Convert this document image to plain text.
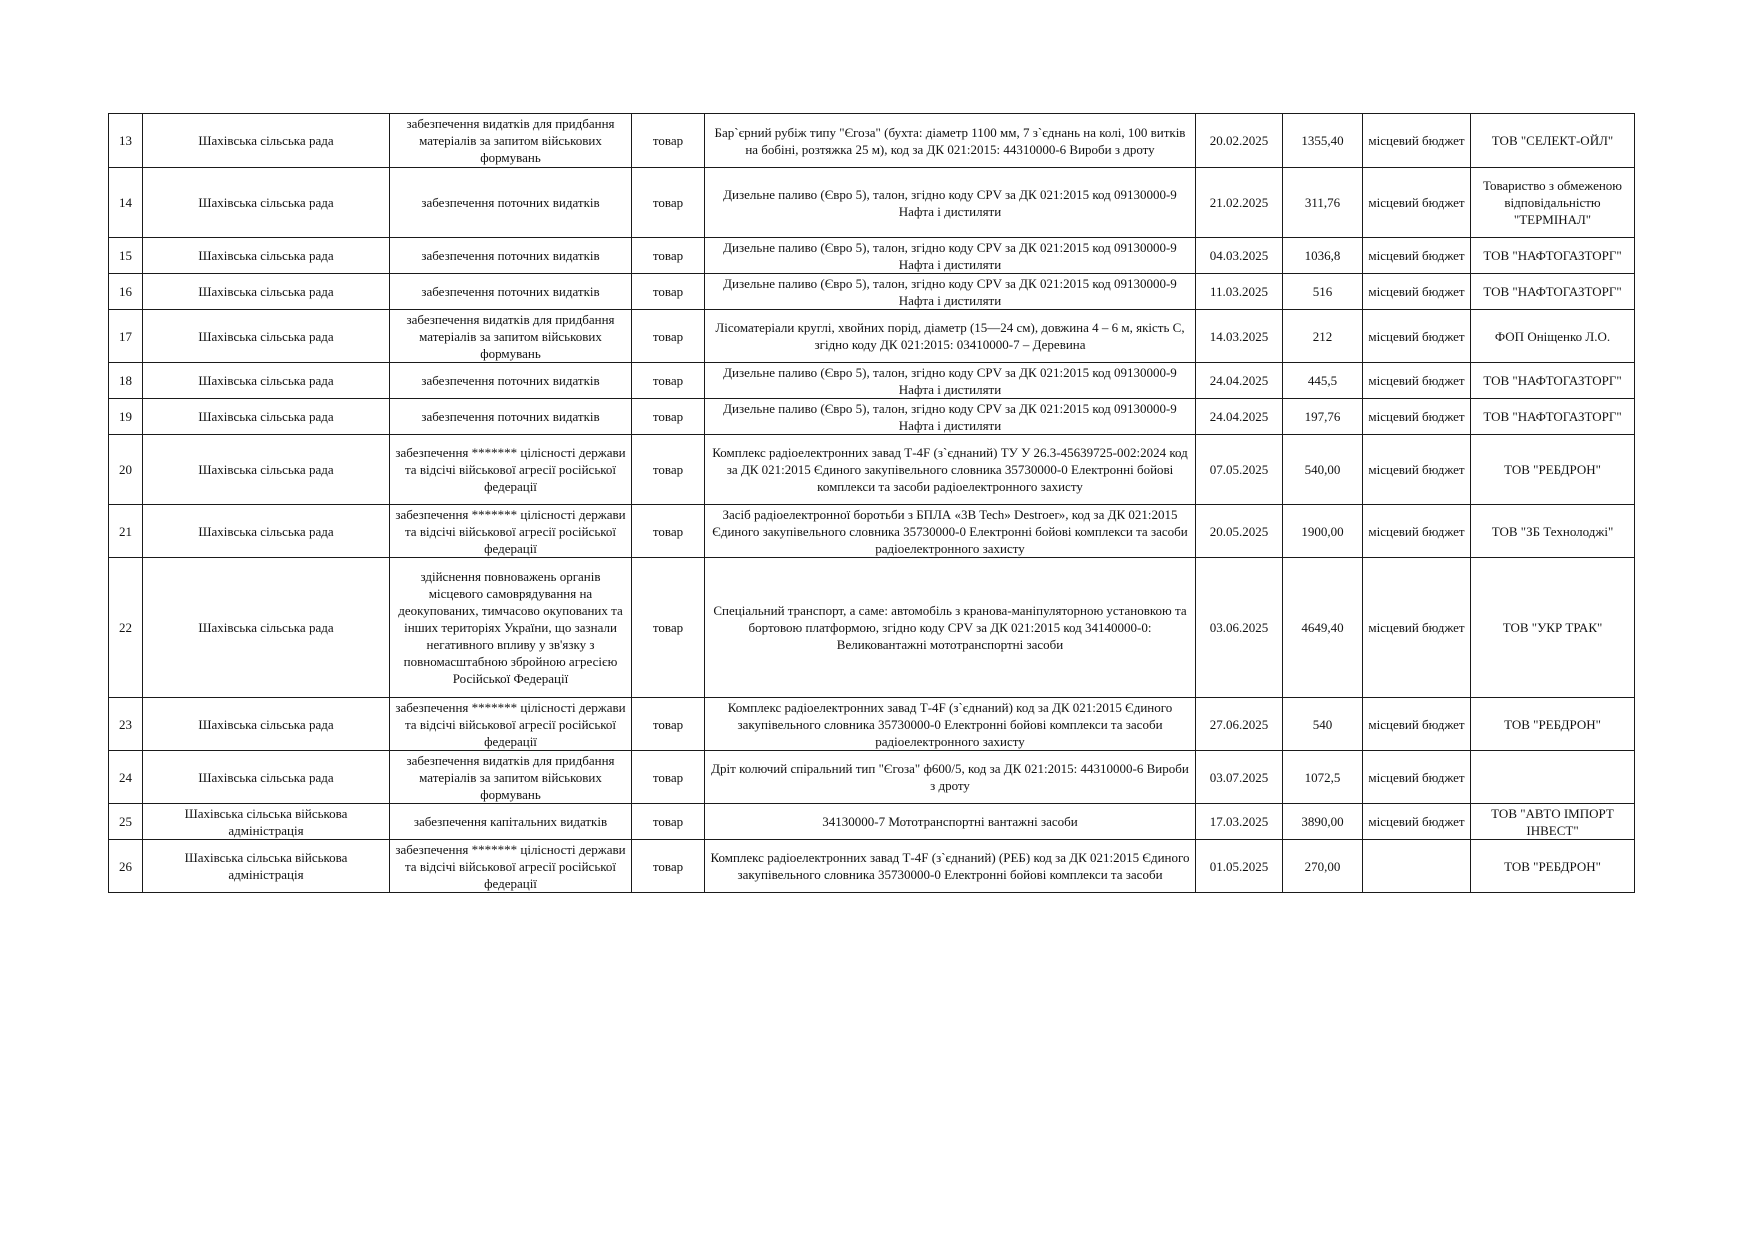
13	Шахівська сільська рада	забезпечення видатків для придбання матеріалів за запитом військових формувань	товар	Бар`єрний рубіж типу "Єгоза" (бухта: діаметр 1100 мм, 7 з`єднань на колі, 100 витків на бобіні, розтяжка 25 м), код за ДК 021:2015: 44310000-6 Вироби з дроту	20.02.2025	1355,40	місцевий бюджет	ТОВ "СЕЛЕКТ-ОЙЛ"
14	Шахівська сільська рада	забезпечення поточних видатків	товар	Дизельне паливо (Євро 5), талон, згідно коду CPV за ДК 021:2015 код 09130000-9 Нафта і дистиляти	21.02.2025	311,76	місцевий бюджет	Товариство з обмеженою відповідальністю "ТЕРМІНАЛ"
15	Шахівська сільська рада	забезпечення поточних видатків	товар	Дизельне паливо (Євро 5), талон, згідно коду CPV за ДК 021:2015 код 09130000-9 Нафта і дистиляти	04.03.2025	1036,8	місцевий бюджет	ТОВ "НАФТОГАЗТОРГ"
16	Шахівська сільська рада	забезпечення поточних видатків	товар	Дизельне паливо (Євро 5), талон, згідно коду CPV за ДК 021:2015 код 09130000-9 Нафта і дистиляти	11.03.2025	516	місцевий бюджет	ТОВ "НАФТОГАЗТОРГ"
17	Шахівська сільська рада	забезпечення видатків для придбання матеріалів за запитом військових формувань	товар	Лісоматеріали круглі, хвойних порід, діаметр (15—24 см), довжина 4 – 6 м, якість С, згідно коду ДК 021:2015: 03410000-7 – Деревина	14.03.2025	212	місцевий бюджет	ФОП Оніщенко Л.О.
18	Шахівська сільська рада	забезпечення поточних видатків	товар	Дизельне паливо (Євро 5), талон, згідно коду CPV за ДК 021:2015 код 09130000-9 Нафта і дистиляти	24.04.2025	445,5	місцевий бюджет	ТОВ "НАФТОГАЗТОРГ"
19	Шахівська сільська рада	забезпечення поточних видатків	товар	Дизельне паливо (Євро 5), талон, згідно коду CPV за ДК 021:2015 код 09130000-9 Нафта і дистиляти	24.04.2025	197,76	місцевий бюджет	ТОВ "НАФТОГАЗТОРГ"
20	Шахівська сільська рада	забезпечення ******* цілісності держави та відсічі військової агресії російської федерації	товар	Комплекс радіоелектронних завад Т-4F (з`єднаний) ТУ У 26.3-45639725-002:2024 код за ДК 021:2015 Єдиного закупівельного словника 35730000-0 Електронні бойові комплекси та засоби радіоелектронного захисту	07.05.2025	540,00	місцевий бюджет	ТОВ "РЕБДРОН"
21	Шахівська сільська рада	забезпечення ******* цілісності держави та відсічі військової агресії російської федерації	товар	Засіб радіоелектронної боротьби з БПЛА «3B Tech» Destroer», код за ДК 021:2015 Єдиного закупівельного словника 35730000-0 Електронні бойові комплекси та засоби радіоелектронного захисту	20.05.2025	1900,00	місцевий бюджет	ТОВ "ЗБ Технолоджі"
22	Шахівська сільська рада	здійснення повноважень органів місцевого самоврядування на деокупованих, тимчасово окупованих та інших територіях України, що зазнали негативного впливу у зв'язку з повномасштабною збройною агресією Російської Федерації	товар	Спеціальний транспорт, а саме: автомобіль з кранова-маніпуляторною установкою та бортовою платформою, згідно коду CPV за ДК 021:2015 код 34140000-0: Великовантажні мототранспортні засоби	03.06.2025	4649,40	місцевий бюджет	ТОВ "УКР ТРАК"
23	Шахівська сільська рада	забезпечення ******* цілісності держави та відсічі військової агресії російської федерації	товар	Комплекс радіоелектронних завад Т-4F (з`єднаний) код за ДК 021:2015 Єдиного закупівельного словника 35730000-0 Електронні бойові комплекси та засоби радіоелектронного захисту	27.06.2025	540	місцевий бюджет	ТОВ "РЕБДРОН"
24	Шахівська сільська рада	забезпечення видатків для придбання матеріалів за запитом військових формувань	товар	Дріт колючий спіральний тип "Єгоза" ф600/5, код за ДК 021:2015: 44310000-6 Вироби з дроту	03.07.2025	1072,5	місцевий бюджет	
25	Шахівська сільська військова адміністрація	забезпечення капітальних видатків	товар	34130000-7 Мототранспортні вантажні засоби	17.03.2025	3890,00	місцевий бюджет	ТОВ "АВТО ІМПОРТ ІНВЕСТ"
26	Шахівська сільська військова адміністрація	забезпечення ******* цілісності держави та відсічі військової агресії російської федерації	товар	Комплекс радіоелектронних завад Т-4F (з`єднаний) (РЕБ) код за ДК 021:2015 Єдиного закупівельного словника 35730000-0 Електронні бойові комплекси та засоби	01.05.2025	270,00		ТОВ "РЕБДРОН"
